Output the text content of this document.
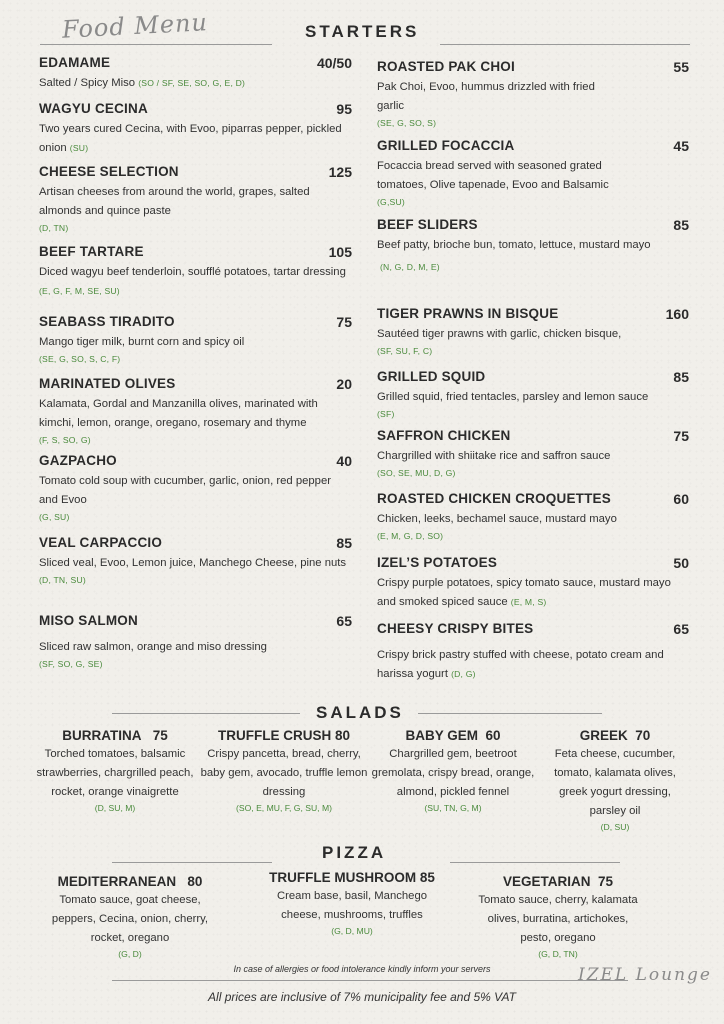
Food Menu	STARTERS
EDAMAME	40/50
Salted / Spicy Miso (SO / SF, SE, SO, G, E, D)
WAGYU CECINA	95
Two years cured Cecina, with Evoo, piparras pepper, pickled onion (SU)
CHEESE SELECTION	125
Artisan cheeses from around the world, grapes, salted almonds and quince paste
(D, TN)
BEEF TARTARE	105
Diced wagyu beef tenderloin, soufflé potatoes, tartar dressing (E, G, F, M, SE, SU)
SEABASS TIRADITO	75
Mango tiger milk, burnt corn and spicy oil
(SE, G, SO, S, C, F)
MARINATED OLIVES	20
Kalamata, Gordal and Manzanilla olives, marinated with kimchi, lemon, orange, oregano, rosemary and thyme
(F, S, SO, G)
GAZPACHO	40
Tomato cold soup with cucumber, garlic, onion, red pepper and Evoo
(G, SU)
VEAL CARPACCIO	85
Sliced veal, Evoo, Lemon juice, Manchego Cheese, pine nuts
(D, TN, SU)
MISO SALMON	65
Sliced raw salmon, orange and miso dressing
(SF, SO, G, SE)
ROASTED PAK CHOI	55
Pak Choi, Evoo, hummus drizzled with fried garlic
(SE, G, SO, S)
GRILLED FOCACCIA	45
Focaccia bread served with seasoned grated tomatoes, Olive tapenade, Evoo and Balsamic
(G,SU)
BEEF SLIDERS	85
Beef patty, brioche bun, tomato, lettuce, mustard mayo
(N, G, D, M, E)
TIGER PRAWNS IN BISQUE	160
Sautéed tiger prawns with garlic, chicken bisque,
(SF, SU, F, C)
GRILLED SQUID	85
Grilled squid, fried tentacles, parsley and lemon sauce
(SF)
SAFFRON CHICKEN	75
Chargrilled with shiitake rice and saffron sauce
(SO, SE, MU, D, G)
ROASTED CHICKEN CROQUETTES	60
Chicken, leeks, bechamel sauce, mustard mayo
(E, M, G, D, SO)
IZEL’S POTATOES	50
Crispy purple potatoes, spicy tomato sauce, mustard mayo and smoked spiced sauce (E, M, S)
CHEESY CRISPY BITES	65
Crispy brick pastry stuffed with cheese, potato cream and harissa yogurt (D, G)
SALADS
BURRATINA 75
Torched tomatoes, balsamic strawberries, chargrilled peach, rocket, orange vinaigrette
(D, SU, M)
TRUFFLE CRUSH 80
Crispy pancetta, bread, cherry, baby gem, avocado, truffle lemon dressing
(SO, E, MU, F, G, SU, M)
BABY GEM 60
Chargrilled gem, beetroot gremolata, crispy bread, orange, almond, pickled fennel
(SU, TN, G, M)
GREEK 70
Feta cheese, cucumber, tomato, kalamata olives, greek yogurt dressing, parsley oil
(D, SU)
PIZZA
MEDITERRANEAN 80
Tomato sauce, goat cheese, peppers, Cecina, onion, cherry, rocket, oregano
(G, D)
TRUFFLE MUSHROOM 85
Cream base, basil, Manchego cheese, mushrooms, truffles
(G, D, MU)
VEGETARIAN 75
Tomato sauce, cherry, kalamata olives, burratina, artichokes, pesto, oregano
(G, D, TN)
In case of allergies or food intolerance kindly inform your servers	IZEL Lounge
All prices are inclusive of 7% municipality fee and 5% VAT
